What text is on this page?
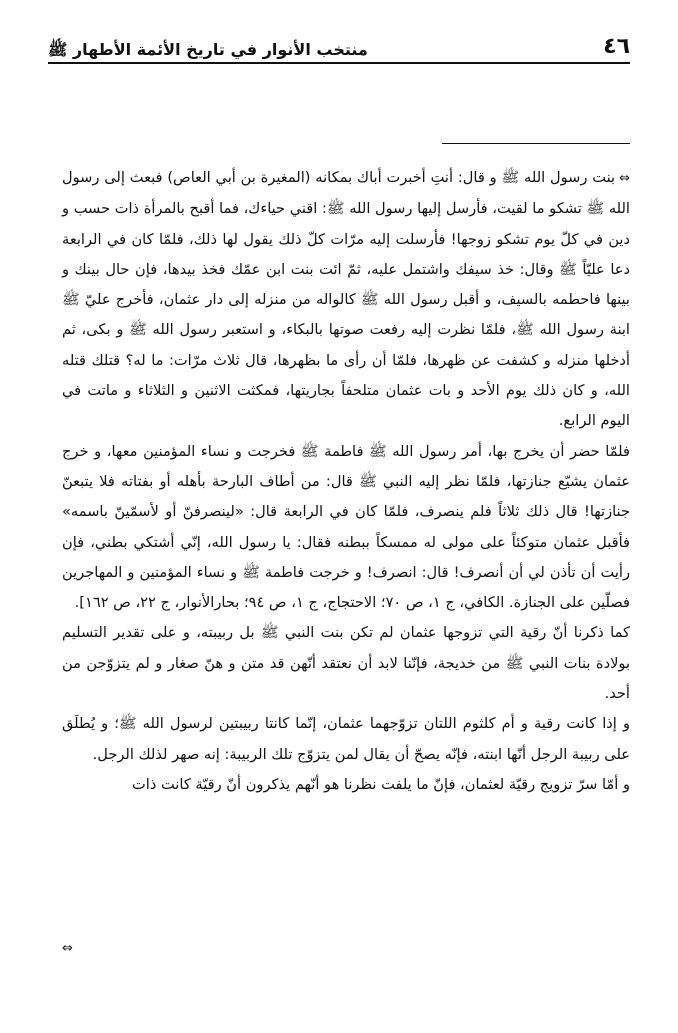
٤٦
منتخب الأنوار في تاريخ الأئمة الأطهار ﷺ

⇔بنت رسول الله ﷺ و قال: أنتِ أخبرت أباك بمكانه (المغيرة بن أبي العاص) فبعث إلى رسول الله ﷺ تشكو ما لقيت، فأرسل إليها رسول الله ﷺ: اقني حياءك، فما أقبح بالمرأة ذات حسب و دين في كلّ يوم تشكو زوجها! فأرسلت إليه مرّات كلّ ذلك يقول لها ذلك، فلمّا كان في الرابعة دعا عليّاً ﷺ وقال: خذ سيفك واشتمل عليه، ثمّ ائت بنت ابن عمّك فخذ بيدها، فإن حال بينك و بينها فاحطمه بالسيف، و أقبل رسول الله ﷺ كالواله من منزله إلى دار عثمان، فأخرج عليّ ﷺ ابنة رسول الله ﷺ، فلمّا نظرت إليه رفعت صوتها بالبكاء، و استعبر رسول الله ﷺ و بكى، ثم أدخلها منزله و كشفت عن ظهرها، فلمّا أن رأى ما بظهرها، قال ثلاث مرّات: ما له؟ قتلك قتله الله، و كان ذلك يوم الأحد و بات عثمان متلحفاً بجاريتها، فمكثت الاثنين و الثلاثاء و ماتت في اليوم الرابع.

فلمّا حضر أن يخرج بها، أمر رسول الله ﷺ فاطمة ﷺ فخرجت و نساء المؤمنين معها، و خرج عثمان يشيّع جنازتها، فلمّا نظر إليه النبي ﷺ قال: من أطاف البارحة بأهله أو بفتاته فلا يتبعنّ جنازتها! قال ذلك ثلاثاً فلم ينصرف، فلمّا كان في الرابعة قال: «لينصرفنّ أو لأسمّينّ باسمه» فأقبل عثمان متوكئاً على مولى له ممسكاً ببطنه فقال: يا رسول الله، إنّي أشتكي بطني، فإن رأيت أن تأذن لي أن أنصرف! قال: انصرف! و خرجت فاطمة ﷺ و نساء المؤمنين و المهاجرين فصلّين على الجنازة. الكافي، ج ١، ص ٧٠؛ الاحتجاج، ج ١، ص ٩٤؛ بحارالأنوار، ج ٢٢، ص ١٦٢].

كما ذكرنا أنّ رقية التي تزوجها عثمان لم تكن بنت النبي ﷺ بل ربيبته، و على تقدير التسليم بولادة بنات النبي ﷺ من خديجة، فإنّنا لابد أن نعتقد أنّهن قد متن و هنّ صغار و لم يتزوّجن من أحد.

و إذا كانت رقية و أم كلثوم اللتان تزوّجهما عثمان، إنّما كانتا ربيبتين لرسول الله ﷺ؛ و يُطلَق على ربيبة الرجل أنّها ابنته، فإنّه يصحّ أن يقال لمن يتزوّج تلك الربيبة: إنه صهر لذلك الرجل.

و أمّا سرّ تزويج رقيّة لعثمان، فإنّ ما يلفت نظرنا هو أنّهم يذكرون أنّ رقيّة كانت ذات

⇔
